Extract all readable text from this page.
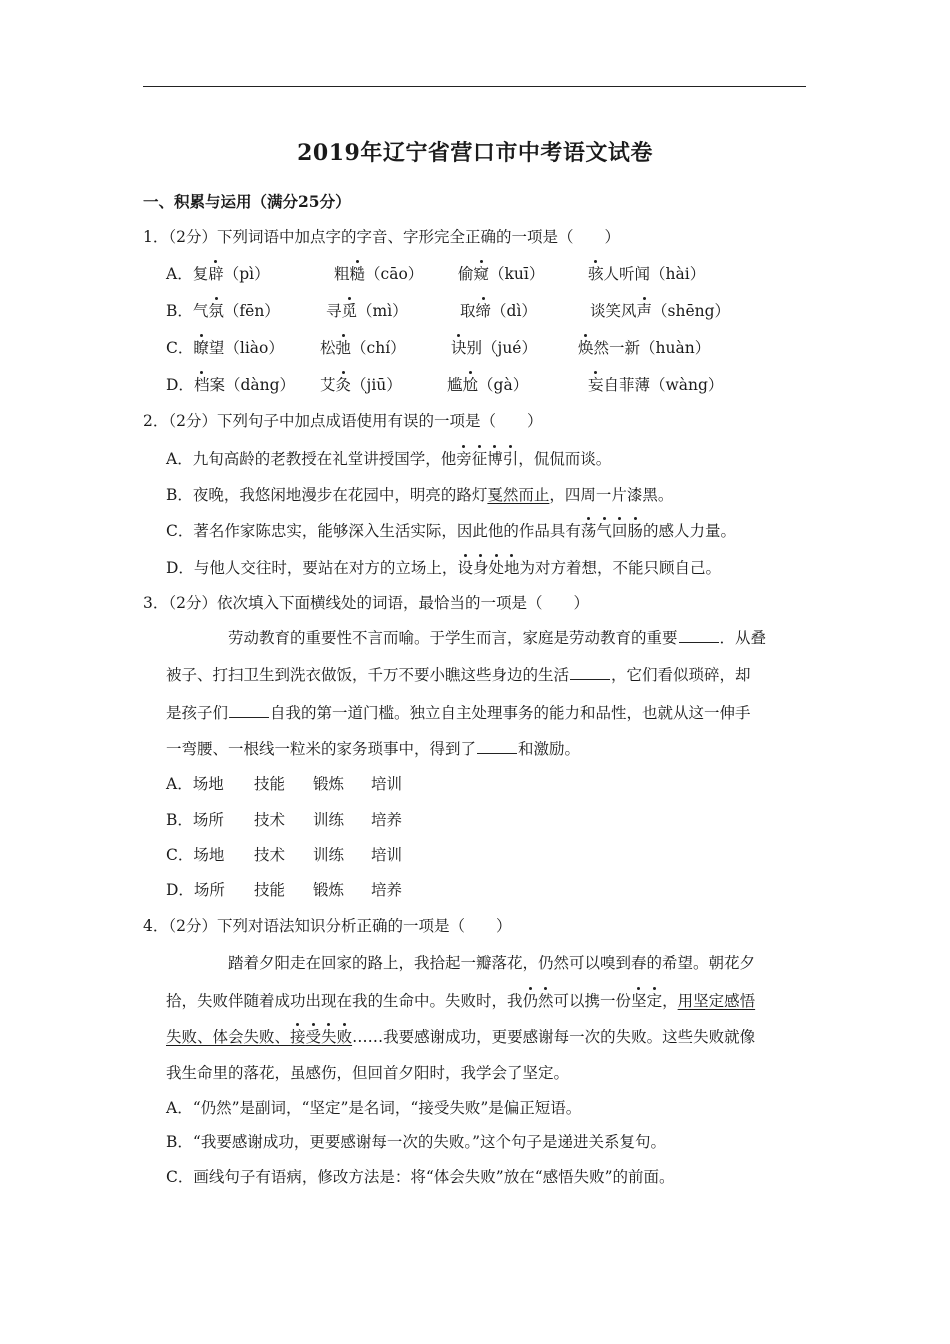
2019年辽宁省营口市中考语文试卷
一、积累与运用（满分25分）
1．（2分）下列词语中加点字的字音、字形完全正确的一项是（　　）
A．复辟（pì）	粗糙（cāo） 偷窥（kuī）	骇人听闻（hài）
B．气氛（fēn）	寻觅（mì）	取缔（dì）	谈笑风声（shēng）
C．瞭望（liào） 松弛（chí）	诀别（jué）	焕然一新（huàn）
D．档案（dàng） 艾灸（jiū）	尴尬（gà）	妄自菲薄（wàng）
2．（2分）下列句子中加点成语使用有误的一项是（　　）
A．九旬高龄的老教授在礼堂讲授国学，他旁征博引，侃侃而谈。
B．夜晚，我悠闲地漫步在花园中，明亮的路灯戛然而止，四周一片漆黑。
C．著名作家陈忠实，能够深入生活实际，因此他的作品具有荡气回肠的感人力量。
D．与他人交往时，要站在对方的立场上，设身处地为对方着想，不能只顾自己。
3．（2分）依次填入下面横线处的词语，最恰当的一项是（　　）
劳动教育的重要性不言而喻。于学生而言，家庭是劳动教育的重要	．从叠
被子、打扫卫生到洗衣做饭，千万不要小瞧这些身边的生活	，它们看似琐碎，却
是孩子们	自我的第一道门槛。独立自主处理事务的能力和品性，也就从这一伸手
一弯腰、一根线一粒米的家务琐事中，得到了	和激励。
A．场地 技能 锻炼 培训
B．场所 技术 训练 培养
C．场地 技术 训练 培训
D．场所 技能 锻炼 培养
4．（2分）下列对语法知识分析正确的一项是（　　）
踏着夕阳走在回家的路上，我拾起一瓣落花，仍然可以嗅到春的希望。朝花夕
拾，失败伴随着成功出现在我的生命中。失败时，我仍然可以携一份坚定，用坚定感悟
失败、体会失败、接受失败……我要感谢成功，更要感谢每一次的失败。这些失败就像
我生命里的落花，虽感伤，但回首夕阳时，我学会了坚定。
A．“仍然”是副词，“坚定”是名词，“接受失败”是偏正短语。
B．“我要感谢成功，更要感谢每一次的失败。”这个句子是递进关系复句。
C．画线句子有语病，修改方法是：将“体会失败”放在“感悟失败”的前面。
